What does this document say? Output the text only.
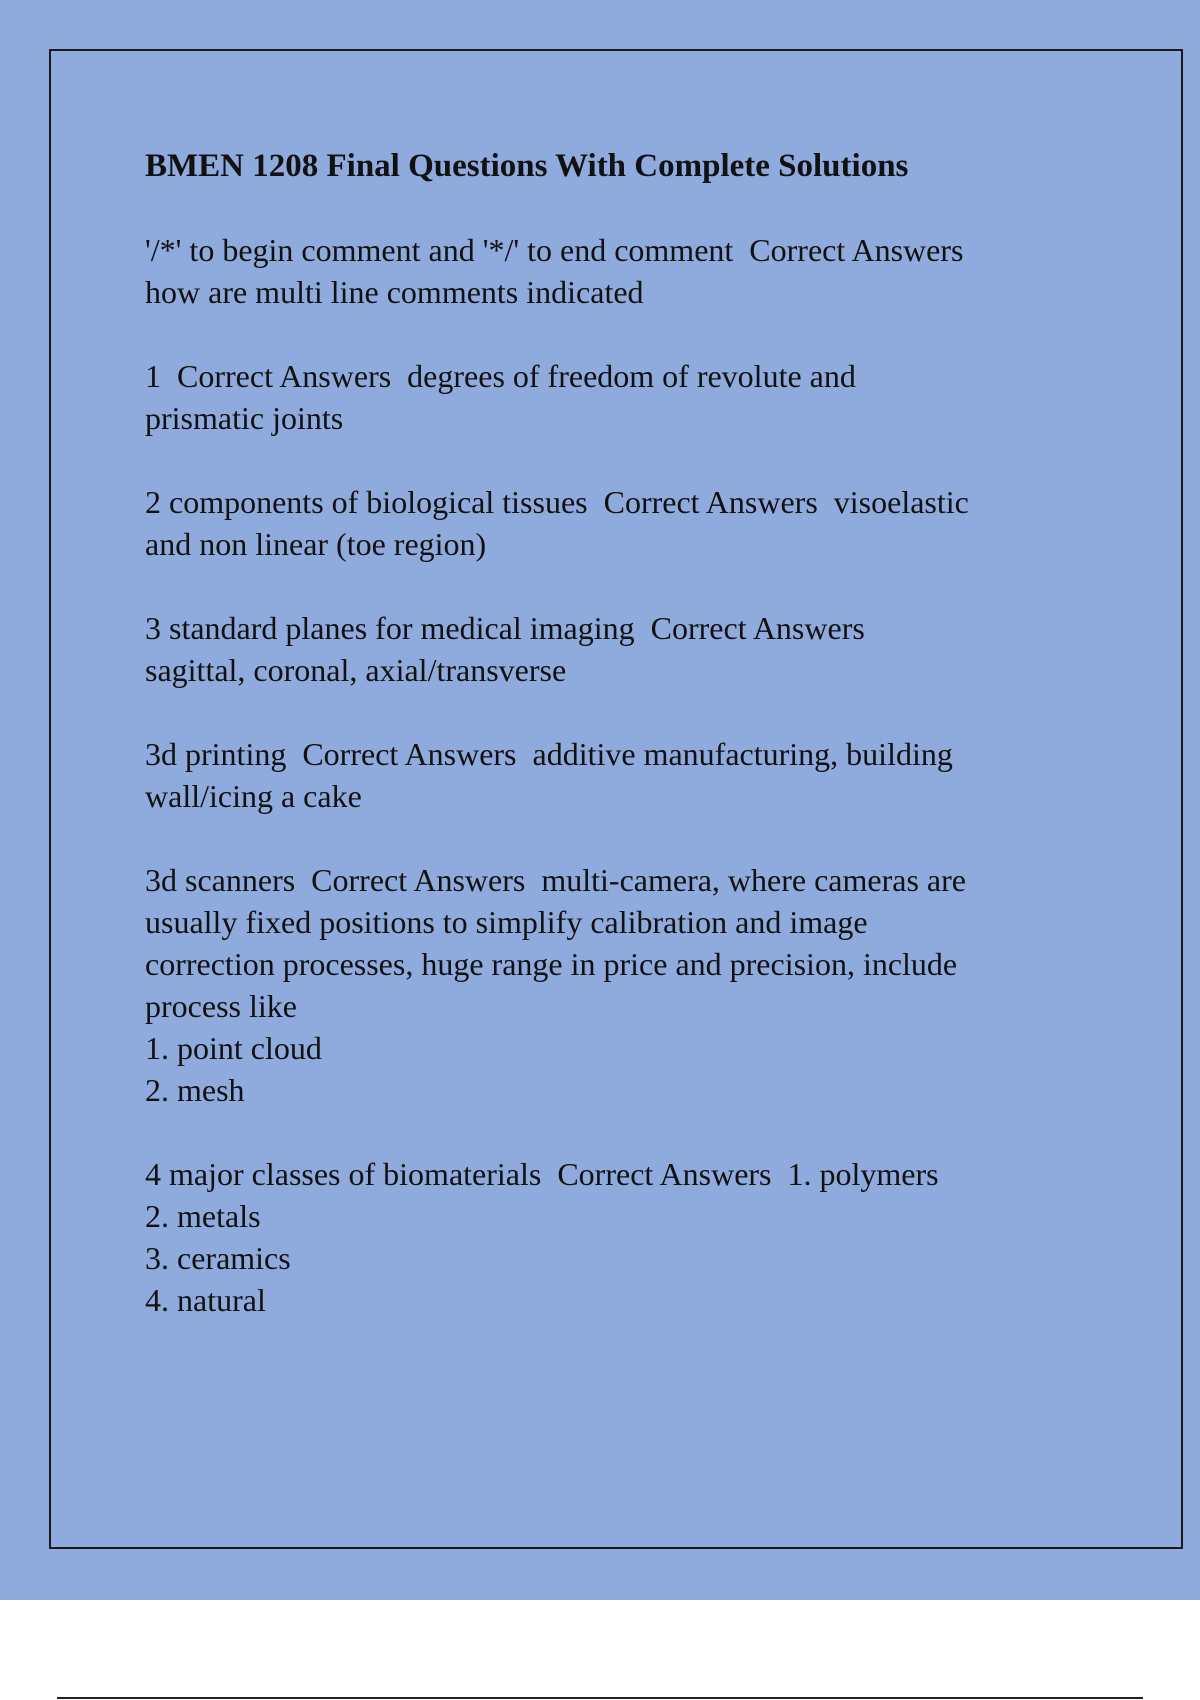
BMEN 1208 Final Questions With Complete Solutions
'/*' to begin comment and '*/' to end comment  Correct Answers
how are multi line comments indicated
1  Correct Answers  degrees of freedom of revolute and
prismatic joints
2 components of biological tissues  Correct Answers  visoelastic
and non linear (toe region)
3 standard planes for medical imaging  Correct Answers
sagittal, coronal, axial/transverse
3d printing  Correct Answers  additive manufacturing, building
wall/icing a cake
3d scanners  Correct Answers  multi-camera, where cameras are
usually fixed positions to simplify calibration and image
correction processes, huge range in price and precision, include
process like
1. point cloud
2. mesh
4 major classes of biomaterials  Correct Answers  1. polymers
2. metals
3. ceramics
4. natural
